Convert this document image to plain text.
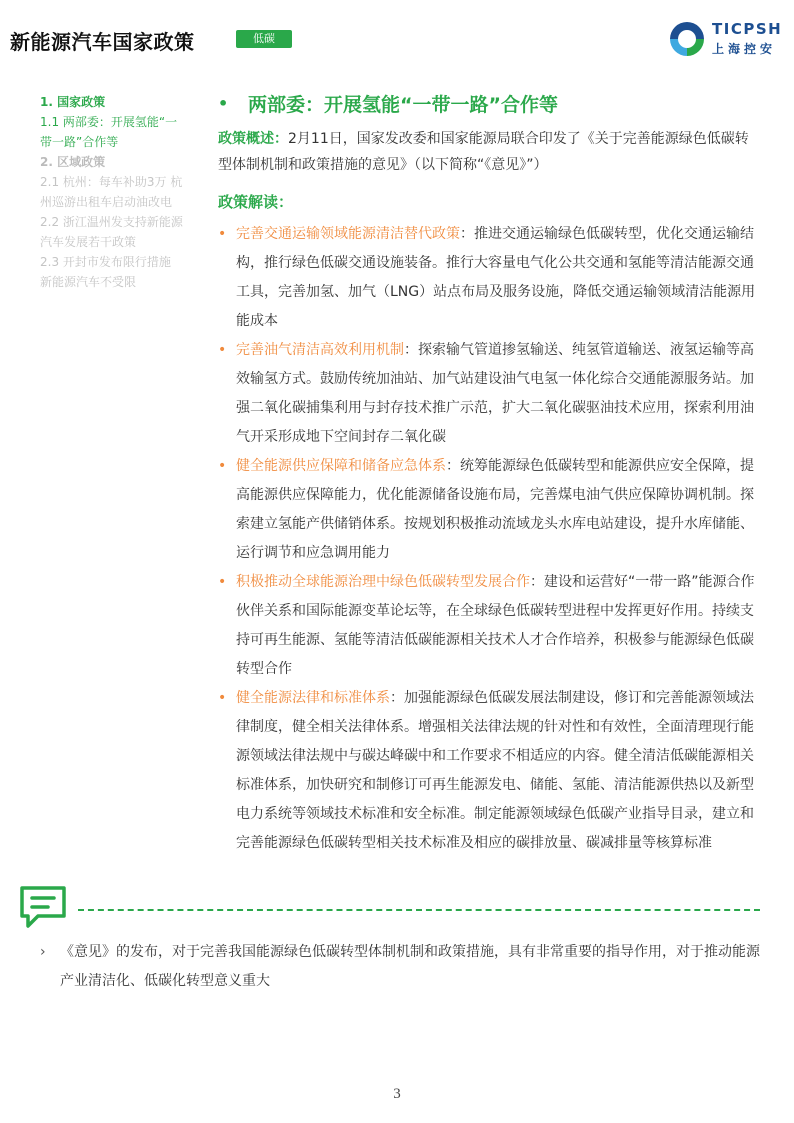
新能源汽车国家政策	低碳
TICPSH
上海控安
1. 国家政策
1.1 两部委：开展氢能“一
带一路”合作等
2. 区域政策
2.1 杭州：每车补助3万 杭
州巡游出租车启动油改电
2.2 浙江温州发支持新能源
汽车发展若干政策
2.3 开封市发布限行措施
新能源汽车不受限
•	两部委：开展氢能“一带一路”合作等
政策概述：2月11日，国家发改委和国家能源局联合印发了《关于完善能源绿色低碳转型体制机制和政策措施的意见》（以下简称“《意见》”）
政策解读：
• 完善交通运输领域能源清洁替代政策：推进交通运输绿色低碳转型，优化交通运输结构，推行绿色低碳交通设施装备。推行大容量电气化公共交通和氢能等清洁能源交通工具，完善加氢、加气（LNG）站点布局及服务设施，降低交通运输领域清洁能源用能成本
• 完善油气清洁高效利用机制：探索输气管道掺氢输送、纯氢管道输送、液氢运输等高效输氢方式。鼓励传统加油站、加气站建设油气电氢一体化综合交通能源服务站。加强二氧化碳捕集利用与封存技术推广示范，扩大二氧化碳驱油技术应用，探索利用油气开采形成地下空间封存二氧化碳
• 健全能源供应保障和储备应急体系：统筹能源绿色低碳转型和能源供应安全保障，提高能源供应保障能力，优化能源储备设施布局，完善煤电油气供应保障协调机制。探索建立氢能产供储销体系。按规划积极推动流域龙头水库电站建设，提升水库储能、运行调节和应急调用能力
• 积极推动全球能源治理中绿色低碳转型发展合作：建设和运营好“一带一路”能源合作伙伴关系和国际能源变革论坛等，在全球绿色低碳转型进程中发挥更好作用。持续支持可再生能源、氢能等清洁低碳能源相关技术人才合作培养，积极参与能源绿色低碳转型合作
• 健全能源法律和标准体系：加强能源绿色低碳发展法制建设，修订和完善能源领域法律制度，健全相关法律体系。增强相关法律法规的针对性和有效性，全面清理现行能源领域法律法规中与碳达峰碳中和工作要求不相适应的内容。健全清洁低碳能源相关标准体系，加快研究和制修订可再生能源发电、储能、氢能、清洁能源供热以及新型电力系统等领域技术标准和安全标准。制定能源领域绿色低碳产业指导目录，建立和完善能源绿色低碳转型相关技术标准及相应的碳排放量、碳减排量等核算标准
›	《意见》的发布，对于完善我国能源绿色低碳转型体制机制和政策措施，具有非常重要的指导作用，对于推动能源产业清洁化、低碳化转型意义重大
3
